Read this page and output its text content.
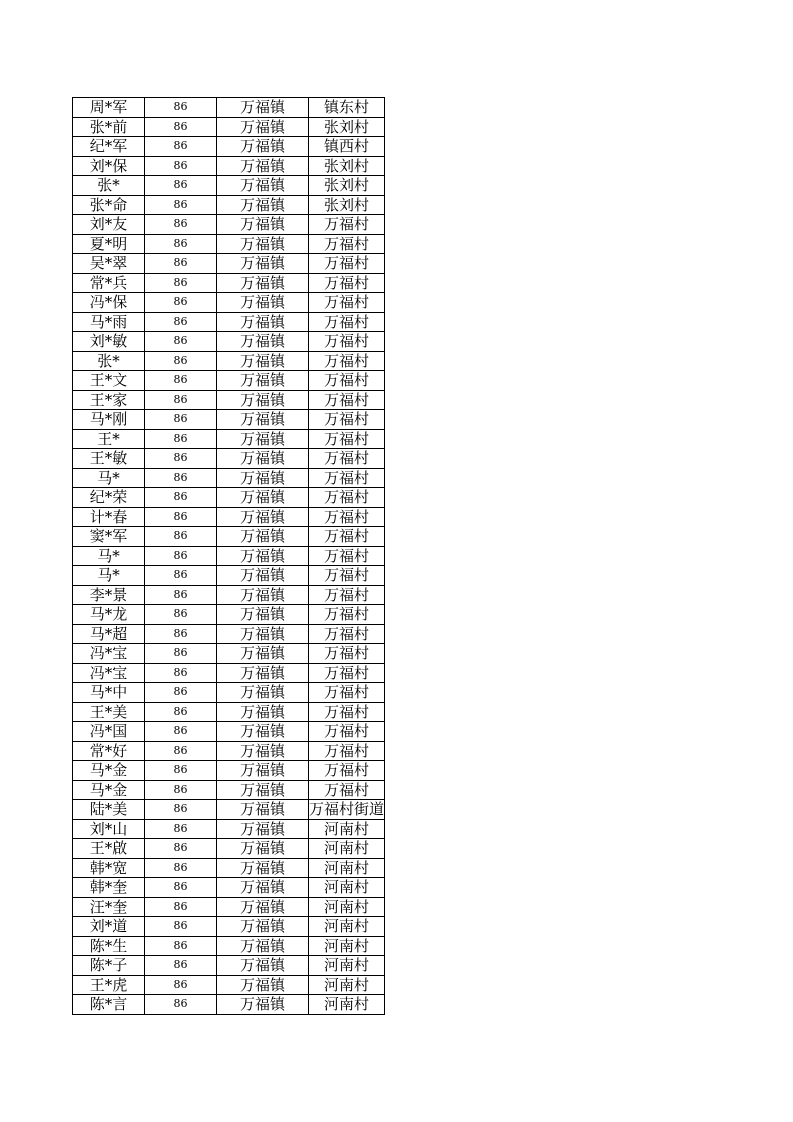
周*军	86	万福镇	镇东村
张*前	86	万福镇	张刘村
纪*军	86	万福镇	镇西村
刘*保	86	万福镇	张刘村
张*	86	万福镇	张刘村
张*命	86	万福镇	张刘村
刘*友	86	万福镇	万福村
夏*明	86	万福镇	万福村
吴*翠	86	万福镇	万福村
常*兵	86	万福镇	万福村
冯*保	86	万福镇	万福村
马*雨	86	万福镇	万福村
刘*敏	86	万福镇	万福村
张*	86	万福镇	万福村
王*文	86	万福镇	万福村
王*家	86	万福镇	万福村
马*刚	86	万福镇	万福村
王*	86	万福镇	万福村
王*敏	86	万福镇	万福村
马*	86	万福镇	万福村
纪*荣	86	万福镇	万福村
计*春	86	万福镇	万福村
窦*军	86	万福镇	万福村
马*	86	万福镇	万福村
马*	86	万福镇	万福村
李*景	86	万福镇	万福村
马*龙	86	万福镇	万福村
马*超	86	万福镇	万福村
冯*宝	86	万福镇	万福村
冯*宝	86	万福镇	万福村
马*中	86	万福镇	万福村
王*美	86	万福镇	万福村
冯*国	86	万福镇	万福村
常*好	86	万福镇	万福村
马*金	86	万福镇	万福村
马*金	86	万福镇	万福村
陆*美	86	万福镇	万福村街道
刘*山	86	万福镇	河南村
王*啟	86	万福镇	河南村
韩*宽	86	万福镇	河南村
韩*奎	86	万福镇	河南村
汪*奎	86	万福镇	河南村
刘*道	86	万福镇	河南村
陈*生	86	万福镇	河南村
陈*子	86	万福镇	河南村
王*虎	86	万福镇	河南村
陈*言	86	万福镇	河南村
